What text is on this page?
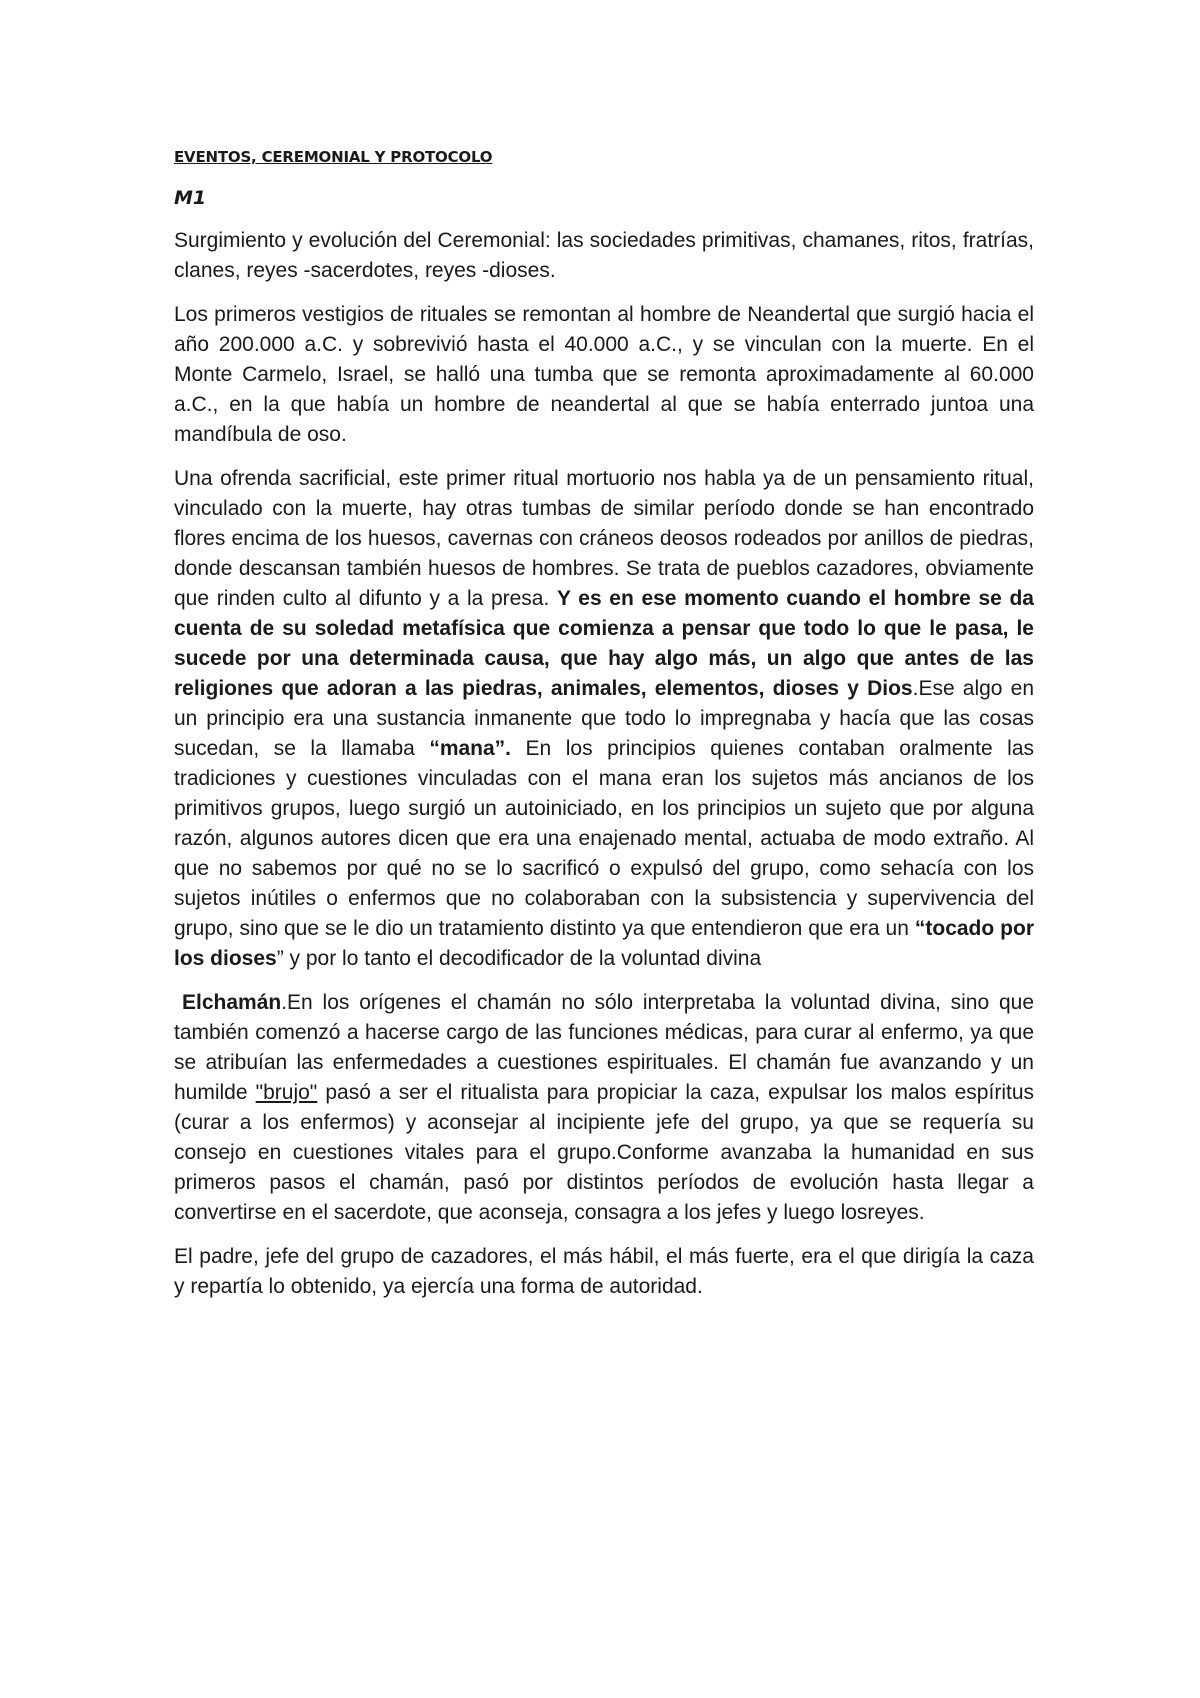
EVENTOS, CEREMONIAL Y PROTOCOLO
M1

Surgimiento y evolución del Ceremonial: las sociedades primitivas, chamanes, ritos, fratrías, clanes, reyes -sacerdotes, reyes -dioses.

Los primeros vestigios de rituales se remontan al hombre de Neandertal que surgió hacia el año 200.000 a.C. y sobrevivió hasta el 40.000 a.C., y se vinculan con la muerte. En el Monte Carmelo, Israel, se halló una tumba que se remonta aproximadamente al 60.000 a.C., en la que había un hombre de neandertal al que se había enterrado juntoa una mandíbula de oso.

Una ofrenda sacrificial, este primer ritual mortuorio nos habla ya de un pensamiento ritual, vinculado con la muerte, hay otras tumbas de similar período donde se han encontrado flores encima de los huesos, cavernas con cráneos deosos rodeados por anillos de piedras, donde descansan también huesos de hombres. Se trata de pueblos cazadores, obviamente que rinden culto al difunto y a la presa. Y es en ese momento cuando el hombre se da cuenta de su soledad metafísica que comienza a pensar que todo lo que le pasa, le sucede por una determinada causa, que hay algo más, un algo que antes de las religiones que adoran a las piedras, animales, elementos, dioses y Dios.Ese algo en un principio era una sustancia inmanente que todo lo impregnaba y hacía que las cosas sucedan, se la llamaba “mana”. En los principios quienes contaban oralmente las tradiciones y cuestiones vinculadas con el mana eran los sujetos más ancianos de los primitivos grupos, luego surgió un autoiniciado, en los principios un sujeto que por alguna razón, algunos autores dicen que era una enajenado mental, actuaba de modo extraño. Al que no sabemos por qué no se lo sacrificó o expulsó del grupo, como sehacía con los sujetos inútiles o enfermos que no colaboraban con la subsistencia y supervivencia del grupo, sino que se le dio un tratamiento distinto ya que entendieron que era un “tocado por los dioses” y por lo tanto el decodificador de la voluntad divina

Elchamán.En los orígenes el chamán no sólo interpretaba la voluntad divina, sino que también comenzó a hacerse cargo de las funciones médicas, para curar al enfermo, ya que se atribuían las enfermedades a cuestiones espirituales. El chamán fue avanzando y un humilde "brujo" pasó a ser el ritualista para propiciar la caza, expulsar los malos espíritus (curar a los enfermos) y aconsejar al incipiente jefe del grupo, ya que se requería su consejo en cuestiones vitales para el grupo.Conforme avanzaba la humanidad en sus primeros pasos el chamán, pasó por distintos períodos de evolución hasta llegar a convertirse en el sacerdote, que aconseja, consagra a los jefes y luego losreyes.

El padre, jefe del grupo de cazadores, el más hábil, el más fuerte, era el que dirigía la caza y repartía lo obtenido, ya ejercía una forma de autoridad.
